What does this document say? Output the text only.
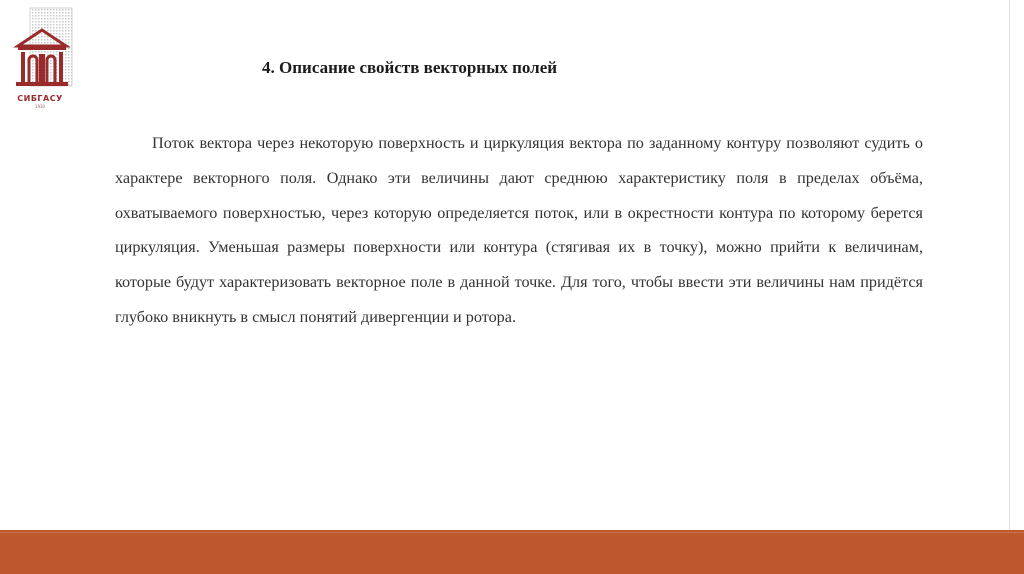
СИБГАСУ
1930
4. Описание свойств векторных полей

Поток вектора через некоторую поверхность и циркуляция вектора по заданному контуру позволяют судить о характере векторного поля. Однако эти величины дают среднюю характеристику поля в пределах объёма, охватываемого поверхностью, через которую определяется поток, или в окрестности контура по которому берется циркуляция. Уменьшая размеры поверхности или контура (стягивая их в точку), можно прийти к величинам, которые будут характеризовать векторное поле в данной точке. Для того, чтобы ввести эти величины нам придётся глубоко вникнуть в смысл понятий дивергенции и ротора.
